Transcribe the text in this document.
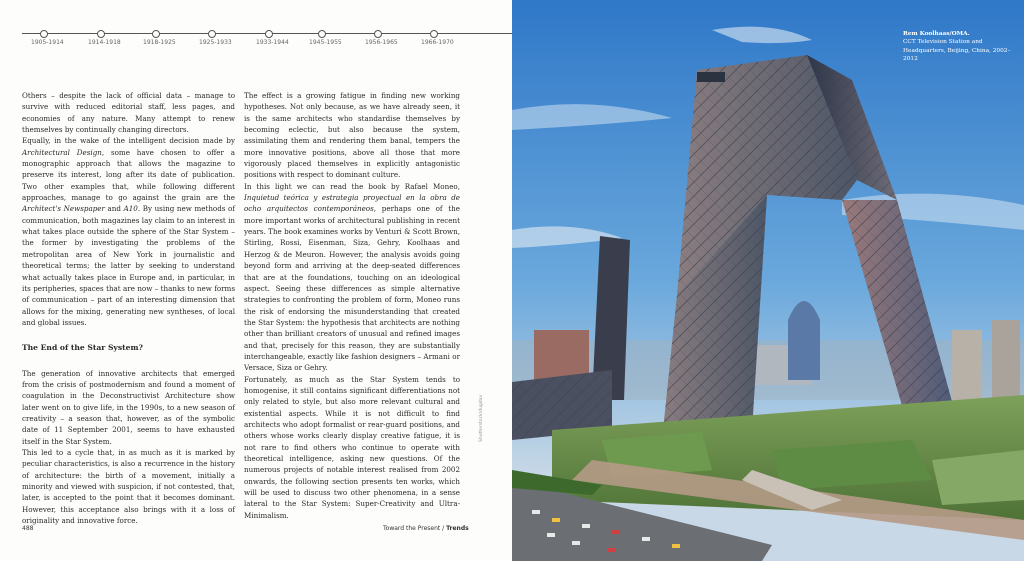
1905-1914	1914-1918	1918-1925	1925-1933	1933-1944	1945-1955	1956-1965	1966-1970

Others – despite the lack of official data – manage to survive with reduced editorial staff, less pages, and economies of any nature. Many attempt to renew themselves by continually changing directors.

Equally, in the wake of the intelligent decision made by Architectural Design, some have chosen to offer a monographic approach that allows the magazine to preserve its interest, long after its date of publication. Two other examples that, while following different approaches, manage to go against the grain are the Architect's Newspaper and A10. By using new methods of communication, both magazines lay claim to an interest in what takes place outside the sphere of the Star System – the former by investigating the problems of the metropolitan area of New York in journalistic and theoretical terms; the latter by seeking to understand what actually takes place in Europe and, in particular, in its peripheries, spaces that are now – thanks to new forms of communication – part of an interesting dimension that allows for the mixing, generating new syntheses, of local and global issues.

The End of the Star System?

The generation of innovative architects that emerged from the crisis of postmodernism and found a moment of coagulation in the Deconstructivist Architecture show later went on to give life, in the 1990s, to a new season of creativity – a season that, however, as of the symbolic date of 11 September 2001, seems to have exhausted itself in the Star System.

This led to a cycle that, in as much as it is marked by peculiar characteristics, is also a recurrence in the history of architecture: the birth of a movement, initially a minority and viewed with suspicion, if not contested, that, later, is accepted to the point that it becomes dominant. However, this acceptance also brings with it a loss of originality and innovative force.

The effect is a growing fatigue in finding new working hypotheses. Not only because, as we have already seen, it is the same architects who standardise themselves by becoming eclectic, but also because the system, assimilating them and rendering them banal, tempers the more innovative positions, above all those that more vigorously placed themselves in explicitly antagonistic positions with respect to dominant culture.

In this light we can read the book by Rafael Moneo, Inquietud teórica y estrategia proyectual en la obra de ocho arquitectos contemporáneos, perhaps one of the more important works of architectural publishing in recent years. The book examines works by Venturi & Scott Brown, Stirling, Rossi, Eisenman, Siza, Gehry, Koolhaas and Herzog & de Meuron. However, the analysis avoids going beyond form and arriving at the deep-seated differences that are at the foundations, touching on an ideological aspect. Seeing these differences as simple alternative strategies to confronting the problem of form, Moneo runs the risk of endorsing the misunderstanding that created the Star System: the hypothesis that architects are nothing other than brilliant creators of unusual and refined images and that, precisely for this reason, they are substantially interchangeable, exactly like fashion designers – Armani or Versace, Siza or Gehry.

Fortunately, as much as the Star System tends to homogenise, it still contains significant differentiations not only related to style, but also more relevant cultural and existential aspects. While it is not difficult to find architects who adopt formalist or rear-guard positions, and others whose works clearly display creative fatigue, it is not rare to find others who continue to operate with theoretical intelligence, asking new questions. Of the numerous projects of notable interest realised from 2002 onwards, the following section presents ten works, which will be used to discuss two other phenomena, in a sense lateral to the Star System: Super-Creativity and Ultra-Minimalism.

Shutterstock/dugdax
488	Toward the Present / Trends
Rem Koolhaas/OMA.
CCT Television Station and Headquarters, Beijing, China, 2002–2012
